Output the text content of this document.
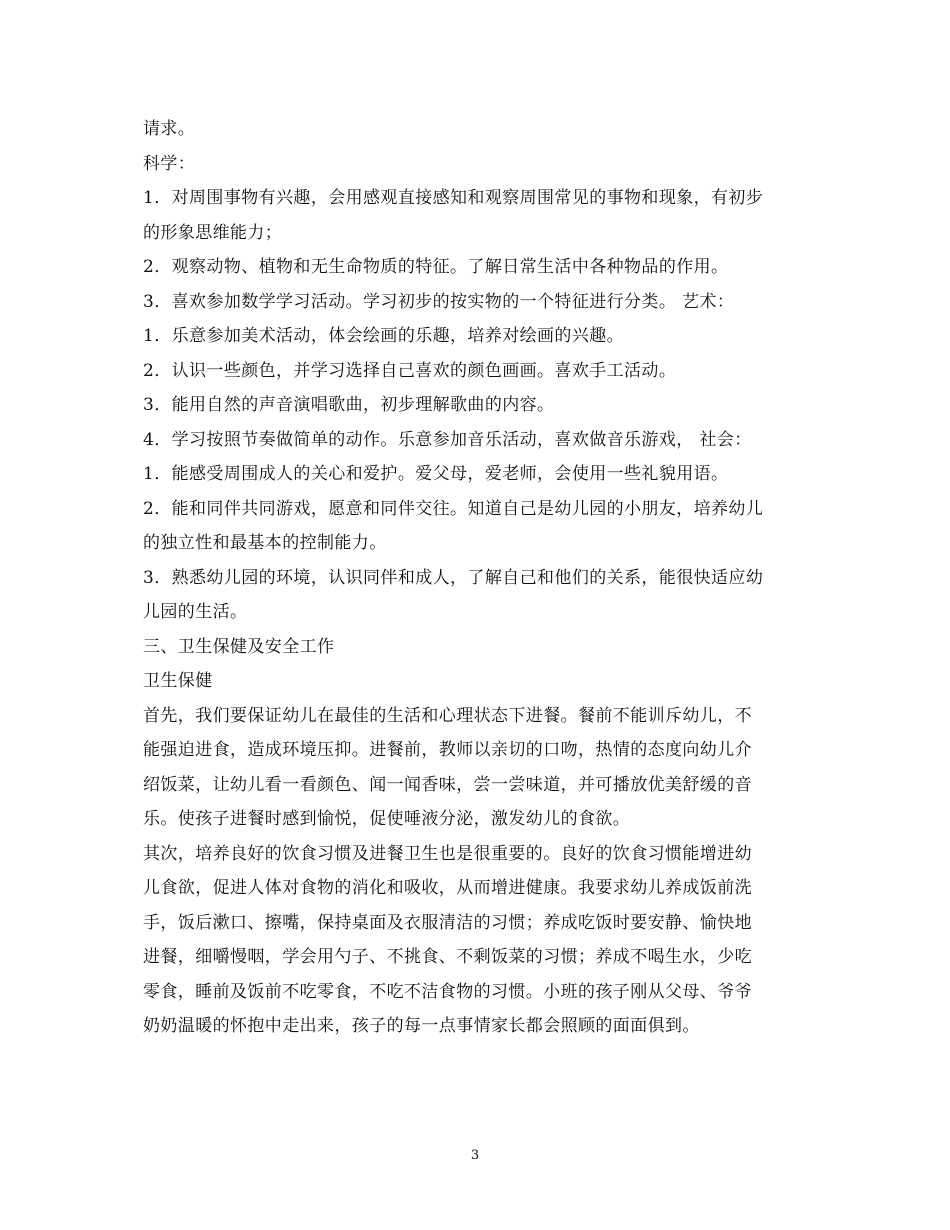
请求。
科学：
1．对周围事物有兴趣，会用感观直接感知和观察周围常见的事物和现象，有初步
的形象思维能力；
2．观察动物、植物和无生命物质的特征。了解日常生活中各种物品的作用。
3．喜欢参加数学学习活动。学习初步的按实物的一个特征进行分类。 艺术：
1．乐意参加美术活动，体会绘画的乐趣，培养对绘画的兴趣。
2．认识一些颜色，并学习选择自己喜欢的颜色画画。喜欢手工活动。
3．能用自然的声音演唱歌曲，初步理解歌曲的内容。
4．学习按照节奏做简单的动作。乐意参加音乐活动，喜欢做音乐游戏， 社会：
1．能感受周围成人的关心和爱护。爱父母，爱老师，会使用一些礼貌用语。
2．能和同伴共同游戏，愿意和同伴交往。知道自己是幼儿园的小朋友，培养幼儿
的独立性和最基本的控制能力。
3．熟悉幼儿园的环境，认识同伴和成人，了解自己和他们的关系，能很快适应幼
儿园的生活。
三、卫生保健及安全工作
卫生保健
首先，我们要保证幼儿在最佳的生活和心理状态下进餐。餐前不能训斥幼儿，不
能强迫进食，造成环境压抑。进餐前，教师以亲切的口吻，热情的态度向幼儿介
绍饭菜，让幼儿看一看颜色、闻一闻香味，尝一尝味道，并可播放优美舒缓的音
乐。使孩子进餐时感到愉悦，促使唾液分泌，激发幼儿的食欲。
其次，培养良好的饮食习惯及进餐卫生也是很重要的。良好的饮食习惯能增进幼
儿食欲，促进人体对食物的消化和吸收，从而增进健康。我要求幼儿养成饭前洗
手，饭后漱口、擦嘴，保持桌面及衣服清洁的习惯；养成吃饭时要安静、愉快地
进餐，细嚼慢咽，学会用勺子、不挑食、不剩饭菜的习惯；养成不喝生水，少吃
零食，睡前及饭前不吃零食，不吃不洁食物的习惯。小班的孩子刚从父母、爷爷
奶奶温暖的怀抱中走出来，孩子的每一点事情家长都会照顾的面面俱到。
3
